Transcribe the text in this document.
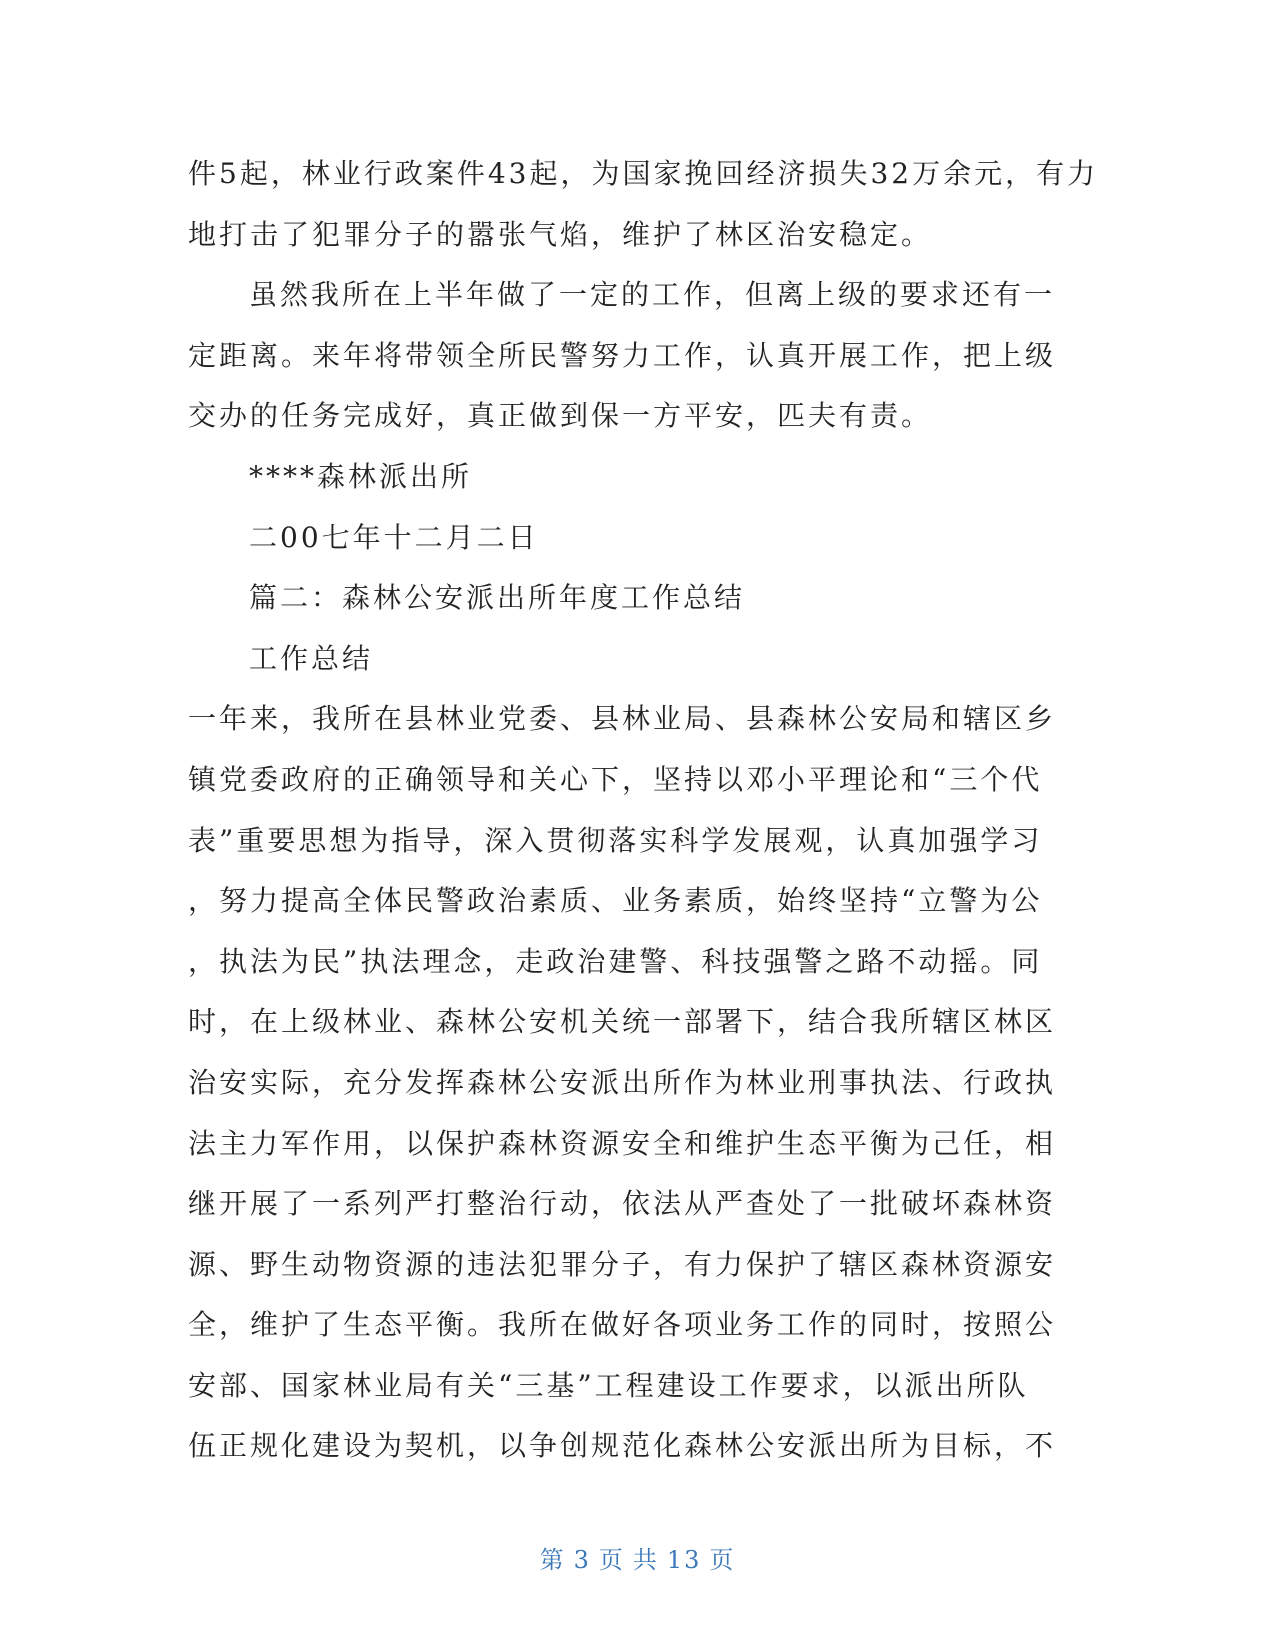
件5起，林业行政案件43起，为国家挽回经济损失32万余元，有力
地打击了犯罪分子的嚣张气焰，维护了林区治安稳定。
虽然我所在上半年做了一定的工作，但离上级的要求还有一
定距离。来年将带领全所民警努力工作，认真开展工作，把上级
交办的任务完成好，真正做到保一方平安，匹夫有责。
****森林派出所
二00七年十二月二日
篇二：森林公安派出所年度工作总结
工作总结
一年来，我所在县林业党委、县林业局、县森林公安局和辖区乡
镇党委政府的正确领导和关心下，坚持以邓小平理论和“三个代
表”重要思想为指导，深入贯彻落实科学发展观，认真加强学习
，努力提高全体民警政治素质、业务素质，始终坚持“立警为公
，执法为民”执法理念，走政治建警、科技强警之路不动摇。同
时，在上级林业、森林公安机关统一部署下，结合我所辖区林区
治安实际，充分发挥森林公安派出所作为林业刑事执法、行政执
法主力军作用，以保护森林资源安全和维护生态平衡为己任，相
继开展了一系列严打整治行动，依法从严查处了一批破坏森林资
源、野生动物资源的违法犯罪分子，有力保护了辖区森林资源安
全，维护了生态平衡。我所在做好各项业务工作的同时，按照公
安部、国家林业局有关“三基”工程建设工作要求，以派出所队
伍正规化建设为契机，以争创规范化森林公安派出所为目标，不
第 3 页 共 13 页
